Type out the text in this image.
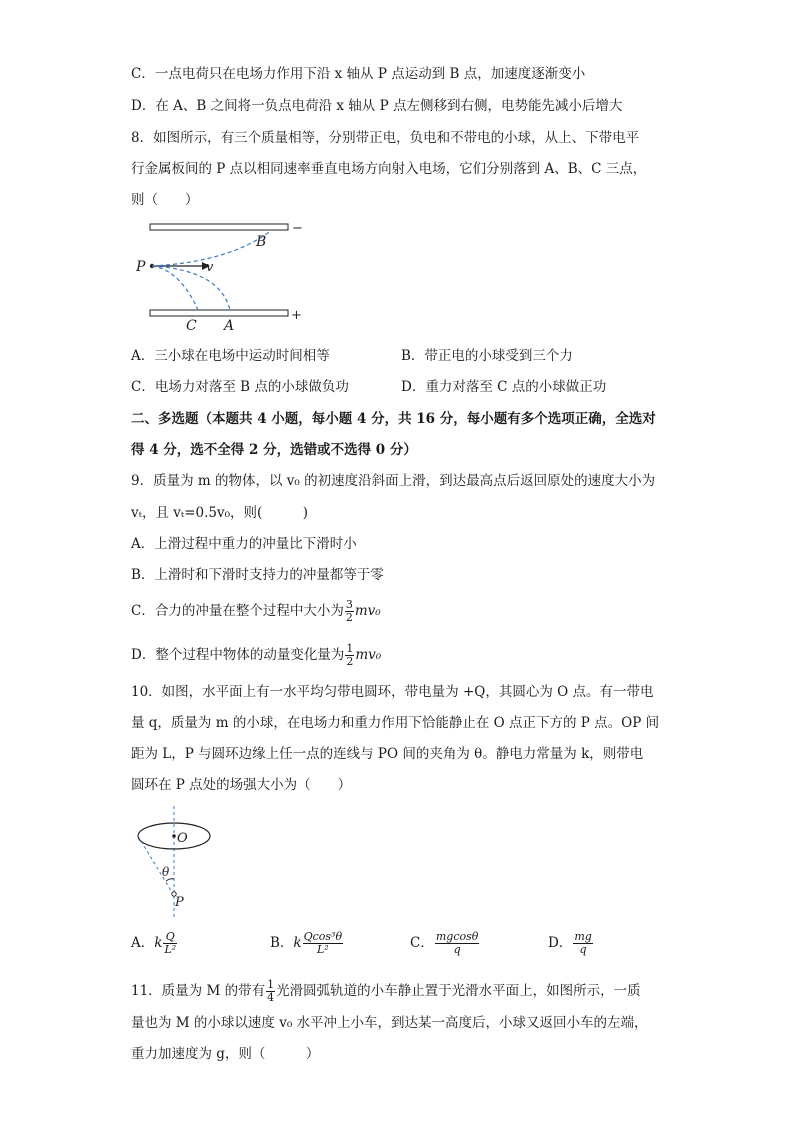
C．一点电荷只在电场力作用下沿 x 轴从 P 点运动到 B 点，加速度逐渐变小
D．在 A、B 之间将一负点电荷沿 x 轴从 P 点左侧移到右侧，电势能先减小后增大
8．如图所示，有三个质量相等，分别带正电，负电和不带电的小球，从上、下带电平
行金属板间的 P 点以相同速率垂直电场方向射入电场，它们分别落到 A、B、C 三点，
则（　　）
−
+
P	v
B
C A
A．三小球在电场中运动时间相等	B．带正电的小球受到三个力
C．电场力对落至 B 点的小球做负功	D．重力对落至 C 点的小球做正功
二、多选题（本题共 4 小题，每小题 4 分，共 16 分，每小题有多个选项正确，全选对
得 4 分，选不全得 2 分，选错或不选得 0 分）
9．质量为 m 的物体，以 v₀ 的初速度沿斜面上滑，到达最高点后返回原处的速度大小为
vₜ，且 vₜ=0.5v₀，则(　　　)
A．上滑过程中重力的冲量比下滑时小
B．上滑时和下滑时支持力的冲量都等于零
C．合力的冲量在整个过程中大小为 $\frac{3}{2} mv_0$
D．整个过程中物体的动量变化量为 $\frac{1}{2} mv_0$
10．如图，水平面上有一水平均匀带电圆环，带电量为 +Q，其圆心为 O 点。有一带电
量 q，质量为 m 的小球，在电场力和重力作用下恰能静止在 O 点正下方的 P 点。OP 间
距为 L，P 与圆环边缘上任一点的连线与 PO 间的夹角为 θ。静电力常量为 k，则带电
圆环在 P 点处的场强大小为（　　）
O
θ
P
A．k $\frac{Q}{\text{L²}}$	B．k $\frac{\text{Qcos³θ}}{\text{L²}}$	C． $\frac{mgcos\theta}{q}$	D． $\frac{mg}{q}$
11．质量为 M 的带有 $\frac{1}{4}$ 光滑圆弧轨道的小车静止置于光滑水平面上，如图所示，一质
量也为 M 的小球以速度 v₀ 水平冲上小车，到达某一高度后，小球又返回小车的左端，
重力加速度为 g，则（　　　）
